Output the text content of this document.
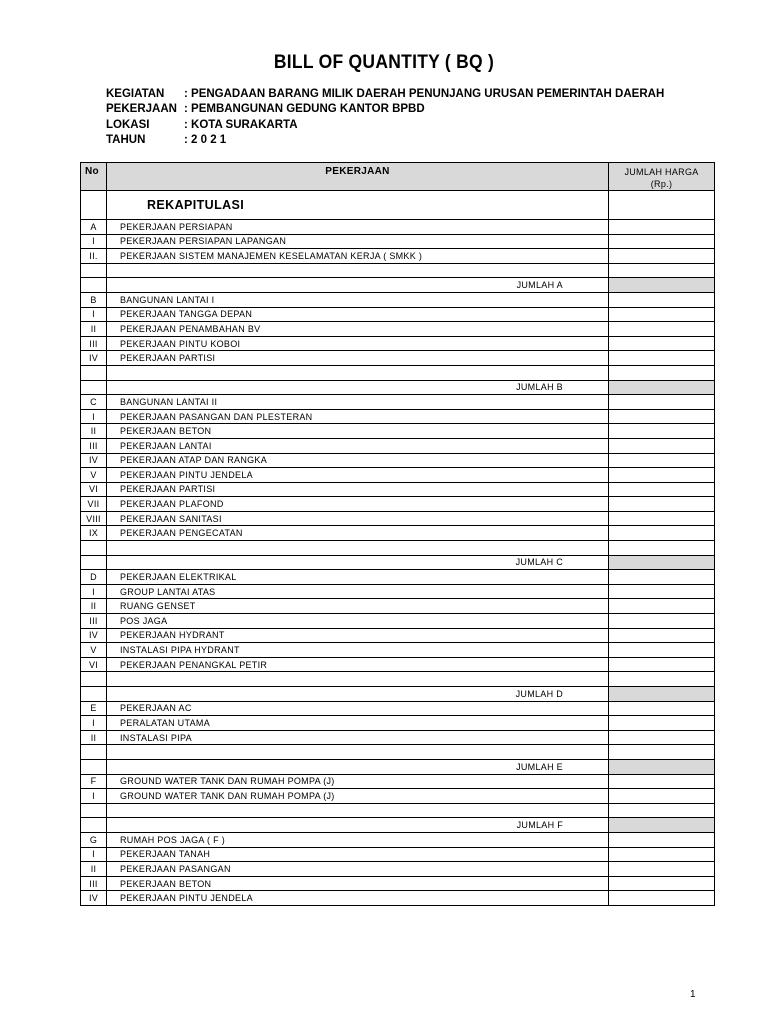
BILL OF QUANTITY ( BQ )
KEGIATAN	: PENGADAAN BARANG MILIK DAERAH PENUNJANG URUSAN PEMERINTAH DAERAH
PEKERJAAN : PEMBANGUNAN GEDUNG KANTOR BPBD
LOKASI	: KOTA SURAKARTA
TAHUN	: 2 0 2 1
No	PEKERJAAN	JUMLAH HARGA
(Rp.)

	REKAPITULASI	
A	PEKERJAAN PERSIAPAN	
I	PEKERJAAN PERSIAPAN LAPANGAN	
II.	PEKERJAAN SISTEM MANAJEMEN KESELAMATAN KERJA ( SMKK )	

	JUMLAH A	
B	BANGUNAN LANTAI I	
I	PEKERJAAN TANGGA DEPAN	
II	PEKERJAAN PENAMBAHAN BV	
III	PEKERJAAN PINTU KOBOI	
IV	PEKERJAAN PARTISI	

	JUMLAH B	
C	BANGUNAN LANTAI II	
I	PEKERJAAN PASANGAN DAN PLESTERAN	
II	PEKERJAAN BETON	
III	PEKERJAAN LANTAI	
IV	PEKERJAAN ATAP DAN RANGKA	
V	PEKERJAAN PINTU JENDELA	
VI	PEKERJAAN PARTISI	
VII	PEKERJAAN PLAFOND	
VIII	PEKERJAAN SANITASI	
IX	PEKERJAAN PENGECATAN	

	JUMLAH C	
D	PEKERJAAN ELEKTRIKAL	
I	GROUP LANTAI ATAS	
II	RUANG GENSET	
III	POS JAGA	
IV	PEKERJAAN HYDRANT	
V	INSTALASI PIPA HYDRANT	
VI	PEKERJAAN PENANGKAL PETIR	

	JUMLAH D	
E	PEKERJAAN AC	
I	PERALATAN UTAMA	
II	INSTALASI PIPA	

	JUMLAH E	
F	GROUND WATER TANK DAN RUMAH POMPA (J)	
I	GROUND WATER TANK DAN RUMAH POMPA (J)	

	JUMLAH F	
G	RUMAH POS JAGA ( F )	
I	PEKERJAAN TANAH	
II	PEKERJAAN PASANGAN	
III	PEKERJAAN BETON	
IV	PEKERJAAN PINTU JENDELA	
1
